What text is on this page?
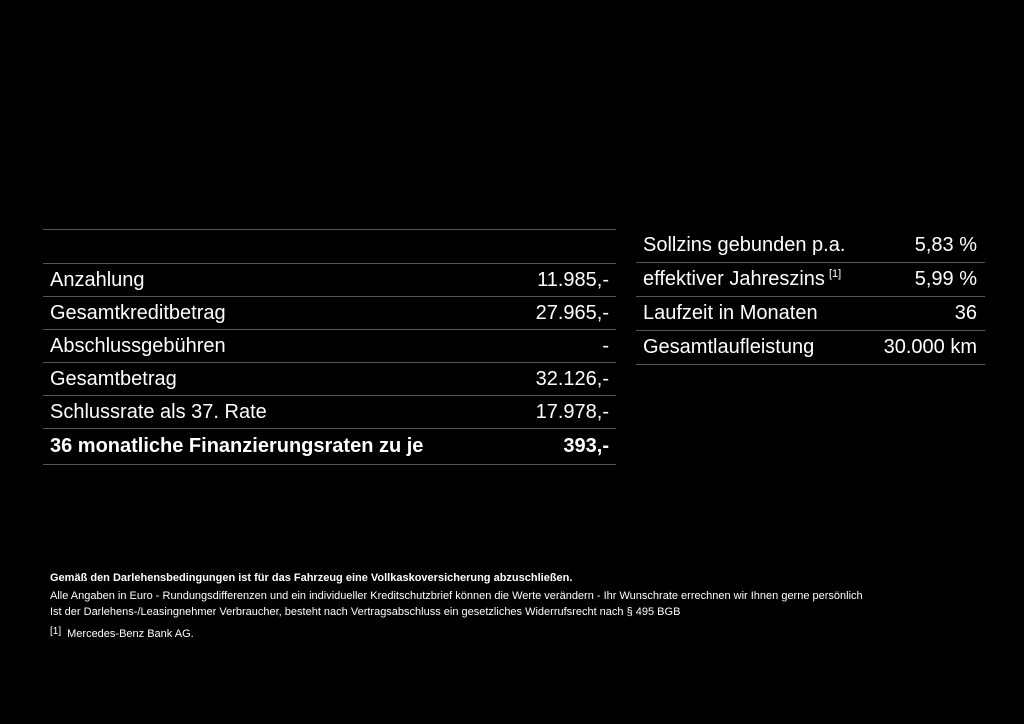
Anzahlung	11.985,-
Gesamtkreditbetrag	27.965,-
Abschlussgebühren	-
Gesamtbetrag	32.126,-
Schlussrate als 37. Rate	17.978,-
36 monatliche Finanzierungsraten zu je	393,-
Sollzins gebunden p.a.	5,83 %
effektiver Jahreszins [1]	5,99 %
Laufzeit in Monaten	36
Gesamtlaufleistung	30.000 km
Gemäß den Darlehensbedingungen ist für das Fahrzeug eine Vollkaskoversicherung abzuschließen.
Alle Angaben in Euro - Rundungsdifferenzen und ein individueller Kreditschutzbrief können die Werte verändern - Ihr Wunschrate errechnen wir Ihnen gerne persönlich
Ist der Darlehens-/Leasingnehmer Verbraucher, besteht nach Vertragsabschluss ein gesetzliches Widerrufsrecht nach § 495 BGB
[1] Mercedes-Benz Bank AG.
